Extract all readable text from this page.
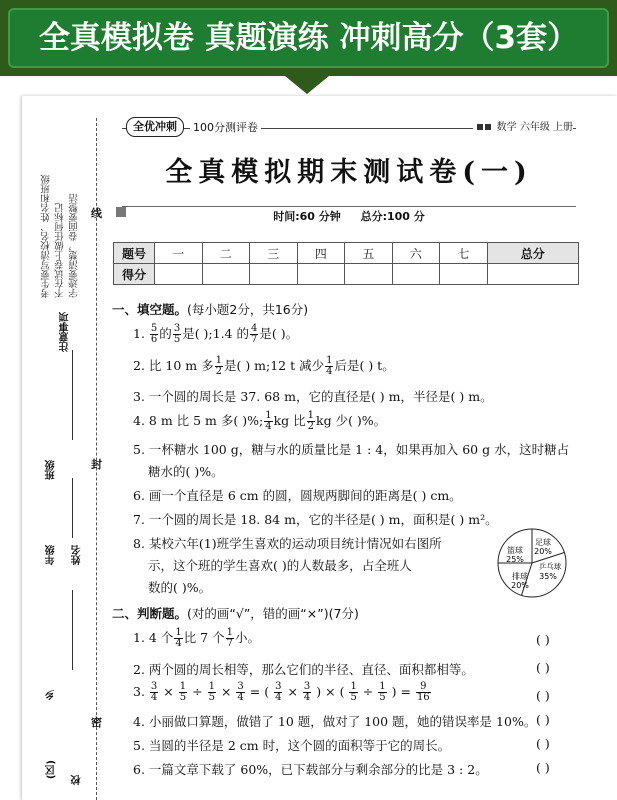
全真模拟卷 真题演练 冲刺高分（3套）
考生要写清校名、姓名和班级
不在试卷上做任何标记
字迹要清楚，卷面要整洁
注意事项
班级
年级 姓名
乡
(区)
校
线
封
密
全优冲刺	100分测评卷	数学 六年级 上册
全真模拟期末测试卷(一)
时间:60 分钟 总分:100 分
题号	一	二	三	四	五	六	七	总分
得分								
一、填空题。(每小题2分，共16分)
1. $\frac{5}{6}$ 的 $\frac{3}{5}$ 是( );1.4 的 $\frac{4}{7}$ 是( )。
2. 比 10 m 多 $\frac{1}{2}$ 是( ) m;12 t 减少 $\frac{1}{4}$ 后是( ) t。
3. 一个圆的周长是 37. 68 m，它的直径是( ) m，半径是( ) m。
4. 8 m 比 5 m 多( )%; $\frac{1}{4}$ kg 比 $\frac{1}{2}$ kg 少( )%。
5. 一杯糖水 100 g，糖与水的质量比是 1 : 4，如果再加入 60 g 水，这时糖占
糖水的( )%。
6. 画一个直径是 6 cm 的圆，圆规两脚间的距离是( ) cm。
7. 一个圆的周长是 18. 84 m，它的半径是( ) m，面积是( ) m²。
8. 某校六年(1)班学生喜欢的运动项目统计情况如右图所
示，这个班的学生喜欢( )的人数最多，占全班人
数的( )%。
足球
20%
乒乓球
35%
排球
20%
篮球
25%
二、判断题。(对的画“√”，错的画“×”)(7分)
1. 4 个 $\frac{1}{4}$ 比 7 个 $\frac{1}{7}$ 小。	( )
2. 两个圆的周长相等，那么它们的半径、直径、面积都相等。	( )
3. $\frac{3}{4} \times \frac{1}{5} \div \frac{1}{5} \times \frac{3}{4}$ = ( $\frac{3}{4} \times \frac{3}{4}$ ) × ( $\frac{1}{5} \div \frac{1}{5}$ ) = $\frac{9}{16}$	( )
4. 小丽做口算题，做错了 10 题，做对了 100 题，她的错误率是 10%。 ( )
5. 当圆的半径是 2 cm 时，这个圆的面积等于它的周长。	( )
6. 一篇文章下载了 60%，已下载部分与剩余部分的比是 3 : 2。	( )
